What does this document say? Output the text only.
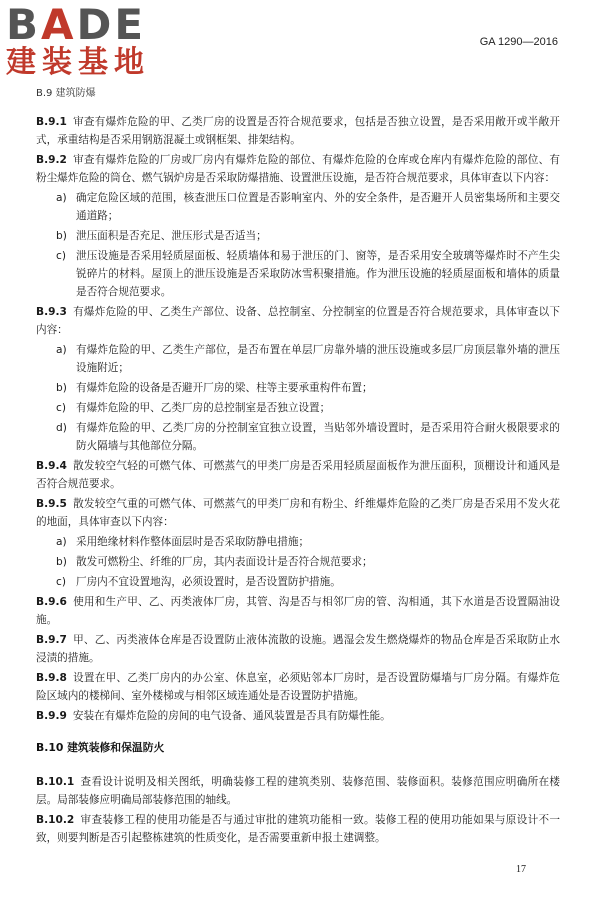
BADE
建装基地
GA 1290—2016
B.9 建筑防爆

B.9.1 审查有爆炸危险的甲、乙类厂房的设置是否符合规范要求，包括是否独立设置，是否采用敞开或半敞开式，承重结构是否采用钢筋混凝土或钢框架、排架结构。

B.9.2 审查有爆炸危险的厂房或厂房内有爆炸危险的部位、有爆炸危险的仓库或仓库内有爆炸危险的部位、有粉尘爆炸危险的筒仓、燃气锅炉房是否采取防爆措施、设置泄压设施，是否符合规范要求，具体审查以下内容：

a) 确定危险区域的范围，核查泄压口位置是否影响室内、外的安全条件，是否避开人员密集场所和主要交通道路；
b) 泄压面积是否充足、泄压形式是否适当；
c) 泄压设施是否采用轻质屋面板、轻质墙体和易于泄压的门、窗等，是否采用安全玻璃等爆炸时不产生尖锐碎片的材料。屋顶上的泄压设施是否采取防冰雪积聚措施。作为泄压设施的轻质屋面板和墙体的质量是否符合规范要求。

B.9.3 有爆炸危险的甲、乙类生产部位、设备、总控制室、分控制室的位置是否符合规范要求，具体审查以下内容：

a) 有爆炸危险的甲、乙类生产部位，是否布置在单层厂房靠外墙的泄压设施或多层厂房顶层靠外墙的泄压设施附近；
b) 有爆炸危险的设备是否避开厂房的梁、柱等主要承重构件布置；
c) 有爆炸危险的甲、乙类厂房的总控制室是否独立设置；
d) 有爆炸危险的甲、乙类厂房的分控制室宜独立设置，当贴邻外墙设置时，是否采用符合耐火极限要求的防火隔墙与其他部位分隔。

B.9.4 散发较空气轻的可燃气体、可燃蒸气的甲类厂房是否采用轻质屋面板作为泄压面积，顶棚设计和通风是否符合规范要求。

B.9.5 散发较空气重的可燃气体、可燃蒸气的甲类厂房和有粉尘、纤维爆炸危险的乙类厂房是否采用不发火花的地面，具体审查以下内容：

a) 采用绝缘材料作整体面层时是否采取防静电措施；
b) 散发可燃粉尘、纤维的厂房，其内表面设计是否符合规范要求；
c) 厂房内不宜设置地沟，必须设置时，是否设置防护措施。

B.9.6 使用和生产甲、乙、丙类液体厂房，其管、沟是否与相邻厂房的管、沟相通，其下水道是否设置隔油设施。

B.9.7 甲、乙、丙类液体仓库是否设置防止液体流散的设施。遇湿会发生燃烧爆炸的物品仓库是否采取防止水浸渍的措施。

B.9.8 设置在甲、乙类厂房内的办公室、休息室，必须贴邻本厂房时，是否设置防爆墙与厂房分隔。有爆炸危险区域内的楼梯间、室外楼梯或与相邻区域连通处是否设置防护措施。

B.9.9 安装在有爆炸危险的房间的电气设备、通风装置是否具有防爆性能。

B.10 建筑装修和保温防火

B.10.1 查看设计说明及相关图纸，明确装修工程的建筑类别、装修范围、装修面积。装修范围应明确所在楼层。局部装修应明确局部装修范围的轴线。

B.10.2 审查装修工程的使用功能是否与通过审批的建筑功能相一致。装修工程的使用功能如果与原设计不一致，则要判断是否引起整栋建筑的性质变化，是否需要重新申报土建调整。

17
